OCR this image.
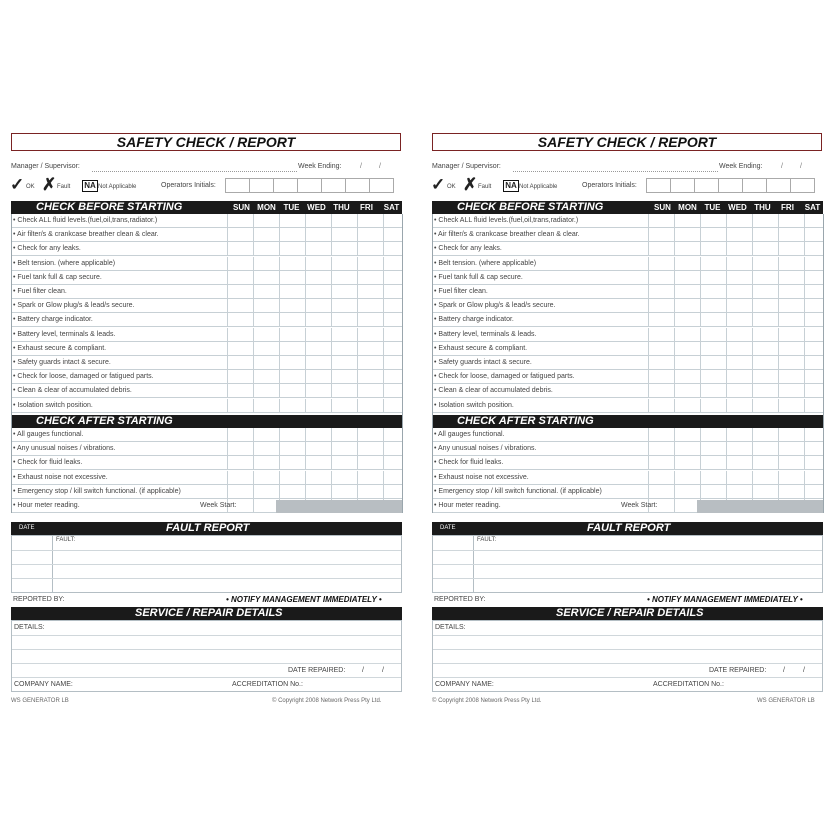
SAFETY CHECK / REPORT
Manager / Supervisor:	Week Ending:	/ /
✓ OK ✗ Fault NA Not Applicable	Operators Initials:
CHECK BEFORE STARTING	SUN MON TUE WED THU	FRI	SAT
• Check ALL fluid levels.(fuel,oil,trans,radiator.)
• Air filter/s & crankcase breather clean & clear.
• Check for any leaks.
• Belt tension. (where applicable)
• Fuel tank full & cap secure.
• Fuel filter clean.
• Spark or Glow plug/s & lead/s secure.
• Battery charge indicator.
• Battery level, terminals & leads.
• Exhaust secure & compliant.
• Safety guards intact & secure.
• Check for loose, damaged or fatigued parts.
• Clean & clear of accumulated debris.
• Isolation switch position.
CHECK AFTER STARTING
• All gauges functional.
• Any unusual noises / vibrations.
• Check for fluid leaks.
• Exhaust noise not excessive.
• Emergency stop / kill switch functional. (if applicable)
• Hour meter reading.	Week Start:
DATE	FAULT REPORT
FAULT:
REPORTED BY:	• NOTIFY MANAGEMENT IMMEDIATELY •
SERVICE / REPAIR DETAILS
DETAILS:
DATE REPAIRED: /	/
COMPANY NAME:	ACCREDITATION No.:
WS GENERATOR LB	© Copyright 2008 Network Press Pty Ltd.
SAFETY CHECK / REPORT
Manager / Supervisor:	Week Ending:	/ /
✓ OK ✗ Fault NA Not Applicable	Operators Initials:
CHECK BEFORE STARTING	SUN MON TUE WED THU	FRI	SAT
• Check ALL fluid levels.(fuel,oil,trans,radiator.)
• Air filter/s & crankcase breather clean & clear.
• Check for any leaks.
• Belt tension. (where applicable)
• Fuel tank full & cap secure.
• Fuel filter clean.
• Spark or Glow plug/s & lead/s secure.
• Battery charge indicator.
• Battery level, terminals & leads.
• Exhaust secure & compliant.
• Safety guards intact & secure.
• Check for loose, damaged or fatigued parts.
• Clean & clear of accumulated debris.
• Isolation switch position.
CHECK AFTER STARTING
• All gauges functional.
• Any unusual noises / vibrations.
• Check for fluid leaks.
• Exhaust noise not excessive.
• Emergency stop / kill switch functional. (if applicable)
• Hour meter reading.	Week Start:
DATE	FAULT REPORT
FAULT:
REPORTED BY:	• NOTIFY MANAGEMENT IMMEDIATELY •
SERVICE / REPAIR DETAILS
DETAILS:
DATE REPAIRED: /	/
COMPANY NAME:	ACCREDITATION No.:
WS GENERATOR LB
© Copyright 2008 Network Press Pty Ltd.
